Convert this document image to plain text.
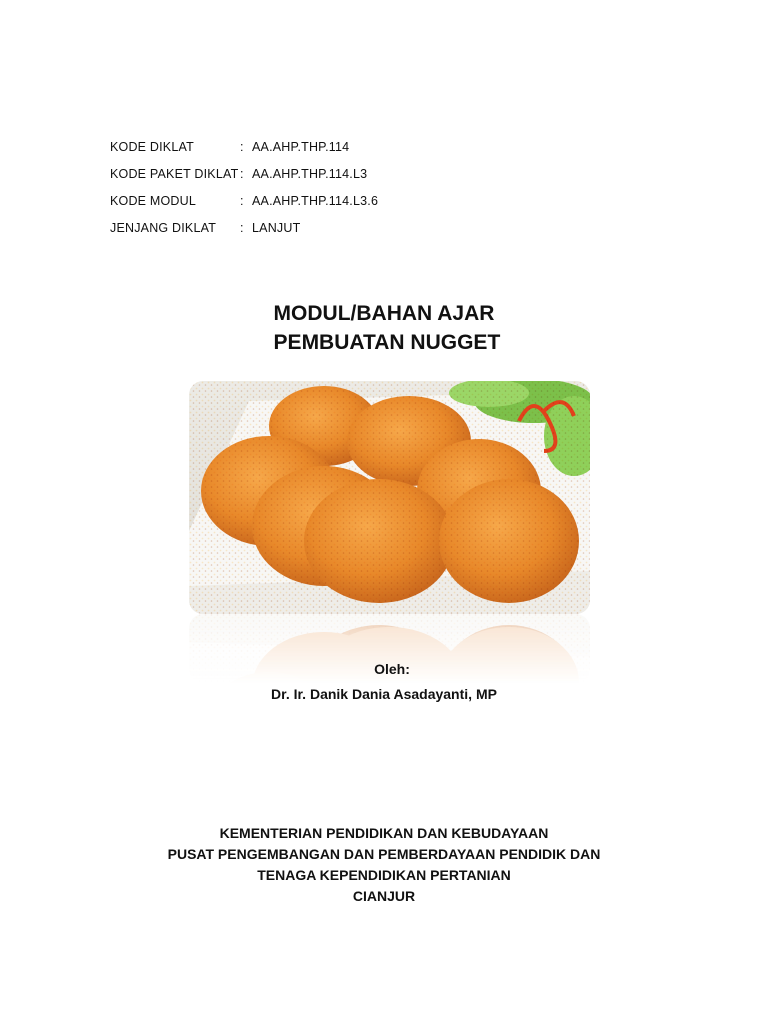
KODE DIKLAT	: AA.AHP.THP.114
KODE PAKET DIKLAT : AA.AHP.THP.114.L3
KODE MODUL	: AA.AHP.THP.114.L3.6
JENJANG DIKLAT	: LANJUT
MODUL/BAHAN AJAR
PEMBUATAN NUGGET
Oleh:
Dr. Ir. Danik Dania Asadayanti, MP
KEMENTERIAN PENDIDIKAN DAN KEBUDAYAAN
PUSAT PENGEMBANGAN DAN PEMBERDAYAAN PENDIDIK DAN
TENAGA KEPENDIDIKAN PERTANIAN
CIANJUR
